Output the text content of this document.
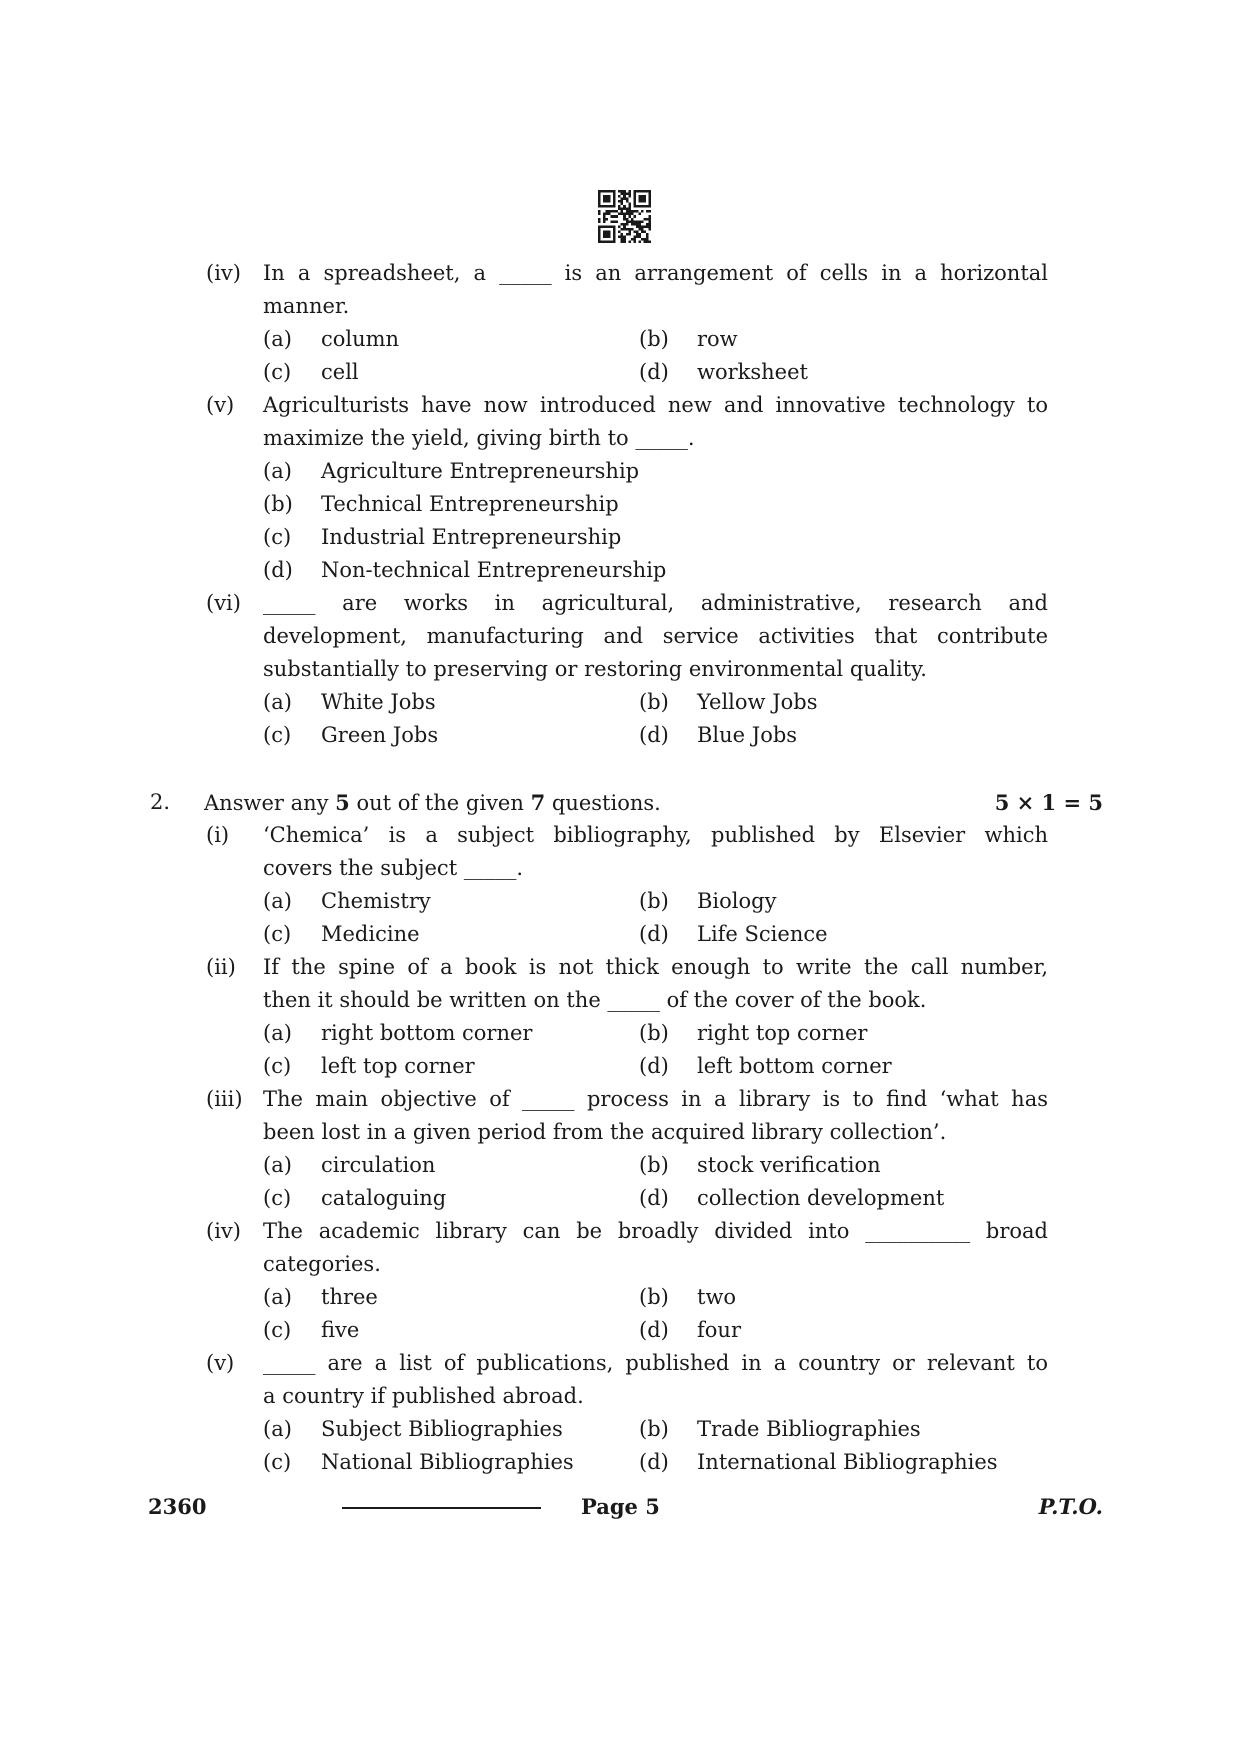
(iv)	In a spreadsheet, a _____ is an arrangement of cells in a horizontal
manner.
(a)	column	(b)	row
(c)	cell	(d)	worksheet
(v)	Agriculturists have now introduced new and innovative technology to
maximize the yield, giving birth to _____.
(a)	Agriculture Entrepreneurship
(b)	Technical Entrepreneurship
(c)	Industrial Entrepreneurship
(d)	Non-technical Entrepreneurship
(vi)	_____ are works in agricultural, administrative, research and
development, manufacturing and service activities that contribute
substantially to preserving or restoring environmental quality.
(a)	White Jobs	(b)	Yellow Jobs
(c)	Green Jobs	(d)	Blue Jobs
2.	Answer any 5 out of the given 7 questions.	5 × 1 = 5
(i)	‘Chemica’ is a subject bibliography, published by Elsevier which
covers the subject _____.
(a)	Chemistry	(b)	Biology
(c)	Medicine	(d)	Life Science
(ii)	If the spine of a book is not thick enough to write the call number,
then it should be written on the _____ of the cover of the book.
(a)	right bottom corner	(b)	right top corner
(c)	left top corner	(d)	left bottom corner
(iii) The main objective of _____ process in a library is to find ‘what has
been lost in a given period from the acquired library collection’.
(a)	circulation	(b)	stock verification
(c)	cataloguing	(d)	collection development
(iv)	The academic library can be broadly divided into __________ broad
categories.
(a)	three	(b)	two
(c)	five	(d)	four
(v)	_____ are a list of publications, published in a country or relevant to
a country if published abroad.
(a)	Subject Bibliographies	(b)	Trade Bibliographies
(c)	National Bibliographies	(d)	International Bibliographies
2360	Page 5	P.T.O.
